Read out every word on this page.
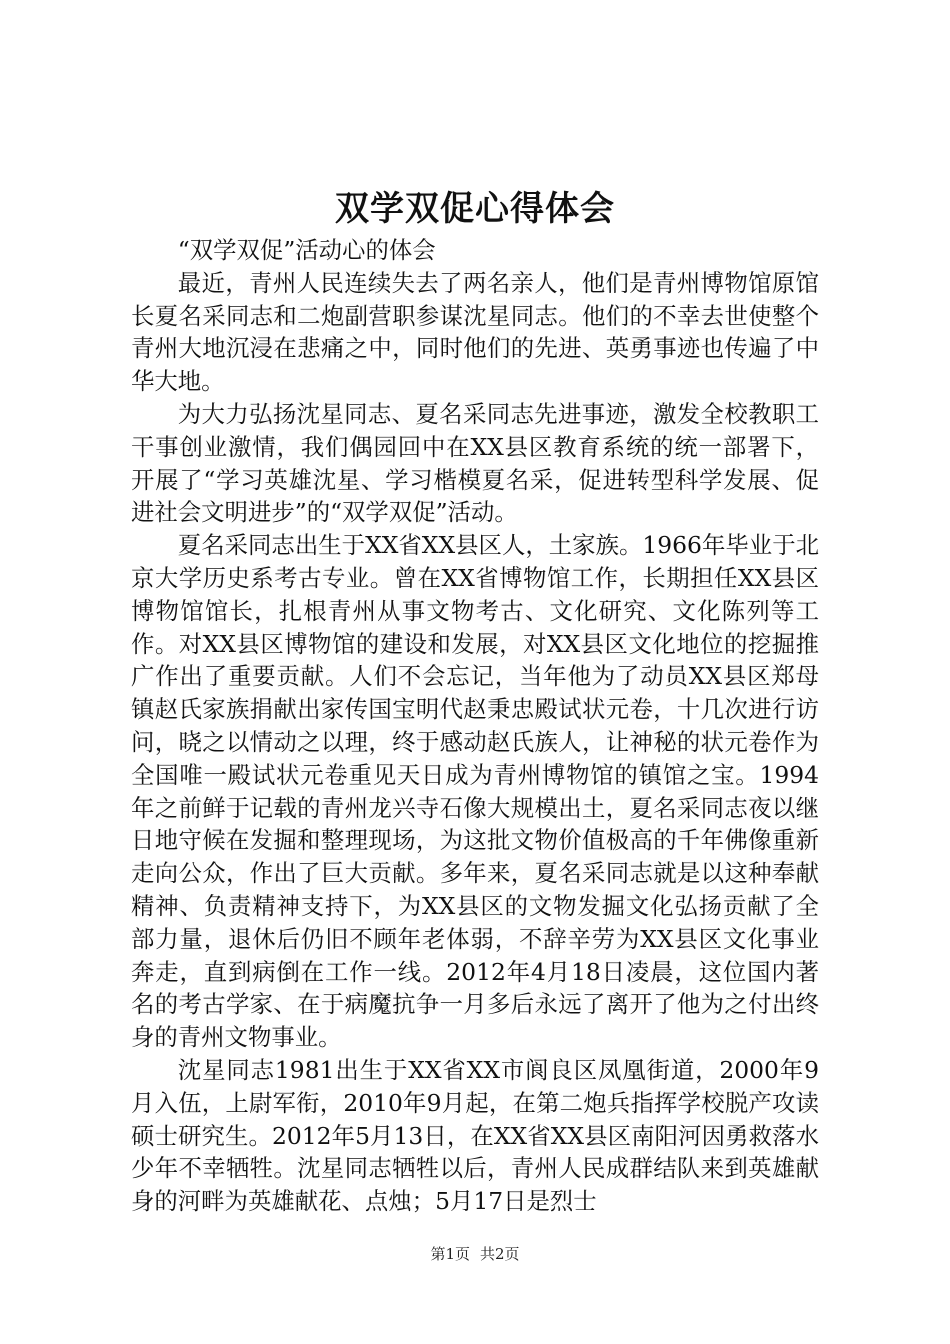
双学双促心得体会

“双学双促”活动心的体会

最近，青州人民连续失去了两名亲人，他们是青州博物馆原馆长夏名采同志和二炮副营职参谋沈星同志。他们的不幸去世使整个青州大地沉浸在悲痛之中，同时他们的先进、英勇事迹也传遍了中华大地。

为大力弘扬沈星同志、夏名采同志先进事迹，激发全校教职工干事创业激情，我们偶园回中在XX县区教育系统的统一部署下，开展了“学习英雄沈星、学习楷模夏名采，促进转型科学发展、促进社会文明进步”的“双学双促”活动。

夏名采同志出生于XX省XX县区人，土家族。1966年毕业于北京大学历史系考古专业。曾在XX省博物馆工作，长期担任XX县区博物馆馆长，扎根青州从事文物考古、文化研究、文化陈列等工作。对XX县区博物馆的建设和发展，对XX县区文化地位的挖掘推广作出了重要贡献。人们不会忘记，当年他为了动员XX县区郑母镇赵氏家族捐献出家传国宝明代赵秉忠殿试状元卷，十几次进行访问，晓之以情动之以理，终于感动赵氏族人，让神秘的状元卷作为全国唯一殿试状元卷重见天日成为青州博物馆的镇馆之宝。1994年之前鲜于记载的青州龙兴寺石像大规模出土，夏名采同志夜以继日地守候在发掘和整理现场，为这批文物价值极高的千年佛像重新走向公众，作出了巨大贡献。多年来，夏名采同志就是以这种奉献精神、负责精神支持下，为XX县区的文物发掘文化弘扬贡献了全部力量，退休后仍旧不顾年老体弱，不辞辛劳为XX县区文化事业奔走，直到病倒在工作一线。2012年4月18日凌晨，这位国内著名的考古学家、在于病魔抗争一月多后永远了离开了他为之付出终身的青州文物事业。

沈星同志1981出生于XX省XX市阆良区凤凰街道，2000年9月入伍，上尉军衔，2010年9月起，在第二炮兵指挥学校脱产攻读硕士研究生。2012年5月13日，在XX省XX县区南阳河因勇救落水少年不幸牺牲。沈星同志牺牲以后，青州人民成群结队来到英雄献身的河畔为英雄献花、点烛；5月17日是烈士

第1页 共2页
